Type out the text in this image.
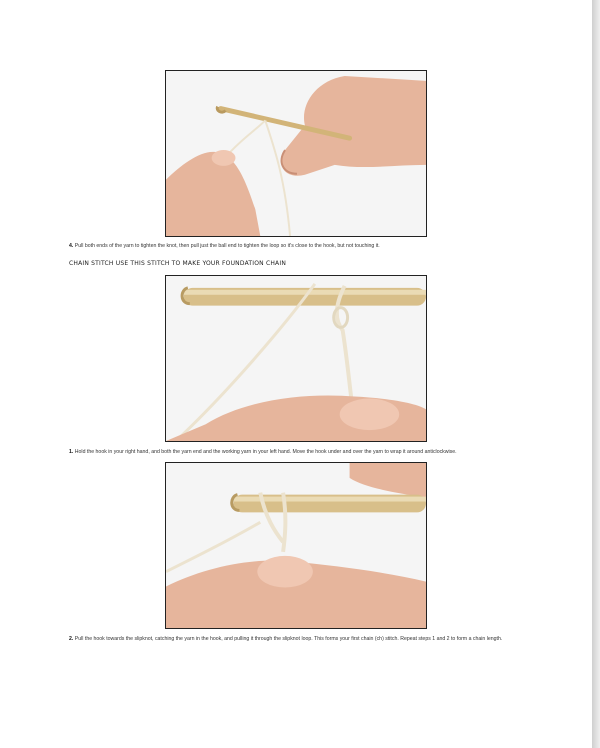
4. Pull both ends of the yarn to tighten the knot, then pull just the ball end to tighten the loop so it's close to the hook, but not touching it.
CHAIN STITCH USE THIS STITCH TO MAKE YOUR FOUNDATION CHAIN
1. Hold the hook in your right hand, and both the yarn end and the working yarn in your left hand. Move the hook under and over the yarn to wrap it around anticlockwise.
2. Pull the hook towards the slipknot, catching the yarn in the hook, and pulling it through the slipknot loop. This forms your first chain (ch) stitch. Repeat steps 1 and 2 to form a chain length.
